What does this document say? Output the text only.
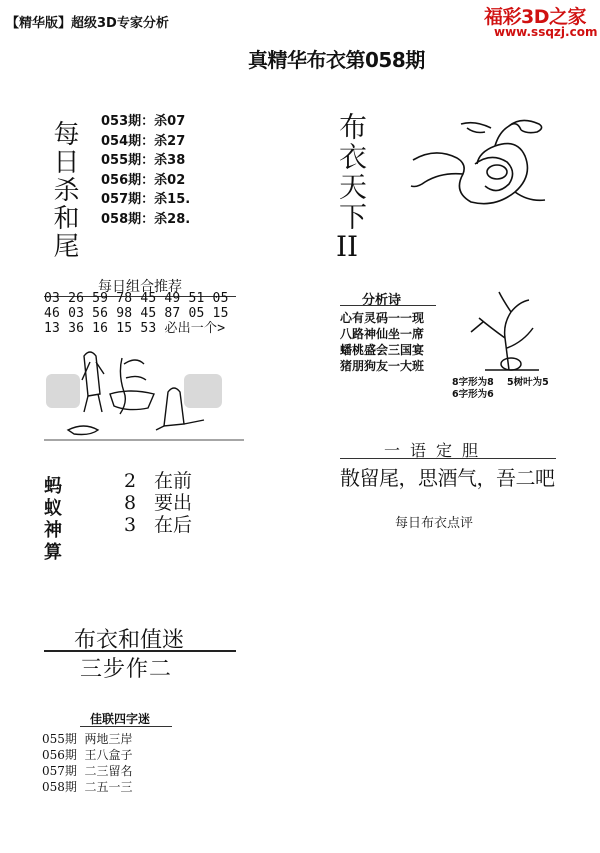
【精华版】超级3D专家分析	福彩3D之家
www.ssqzj.com
真精华布衣第058期
每日杀和尾	053期：杀07
054期：杀27
055期：杀38
056期：杀02
057期：杀15.
058期：杀28.	布衣天下
II
每日组合推荐
03 26 59 78 45 49 51 05
46 03 56 98 45 87 05 15
13 36 16 15 53 必出一个>
分析诗
心有灵码一一现
八路神仙坐一席
蟠桃盛会三国宴
猪朋狗友一大班
8字形为8 5树叶为5
6字形为6
一语定胆
散留尾，思酒气，吾二吧
每日布衣点评
蚂蚁神算
2 在前
8 要出
3 在后
布衣和值迷
三步作二
佳联四字迷
055期 两地三岸
056期 王八盒子
057期 二三留名
058期 二五一三
